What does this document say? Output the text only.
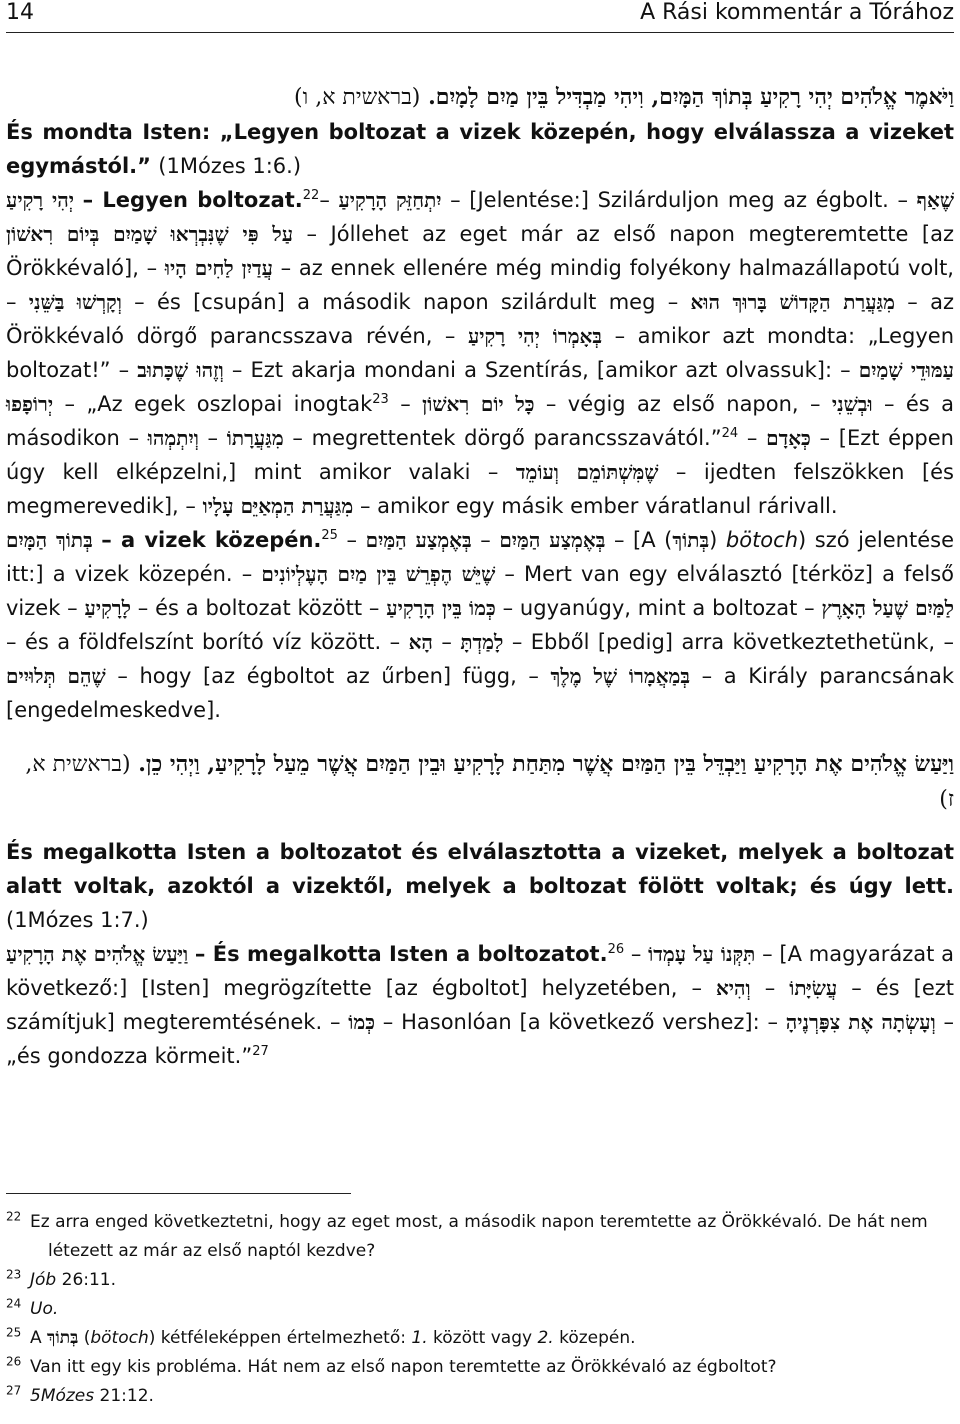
14	A Rási kommentár a Tórához

וַיֹּאמֶר אֱלֹהִים יְהִי רָקִיעַ בְּתוֹךְ הַמָּיִם, וִיהִי מַבְדִּיל בֵּין מַיִם לָמָיִם. (בראשית א, ו)

És mondta Isten: „Legyen boltozat a vizek közepén, hogy elválassza a vizeket egymástól.” (1Mózes 1:6.)

יְהִי רָקִיעַ – Legyen boltozat.$^{22}$– יִתְחַזֵּק הָרָקִיעַ – [Jelentése:] Szilárduljon meg az égbolt. – שֶׁאַף עַל פִּי שֶׁנִּבְרְאוּ שָׁמַיִם בְּיוֹם רִאשׁוֹן – Jóllehet az eget már az első napon megteremtette [az Örökkévaló], – עֲדַיִן לַחִים הָיוּ – az ennek ellenére még mindig folyékony halmazállapotú volt, – וְקָרְשׁוּ בַּשֵּׁנִי – és [csupán] a második napon szilárdult meg – מִגַּעֲרַת הַקָּדוֹשׁ בָּרוּךְ הוּא – az Örökkévaló dörgő parancsszava révén, – בְּאָמְרוֹ יְהִי רָקִיעַ – amikor azt mondta: „Legyen boltozat!” – וְזֶהוּ שֶׁכָּתוּב – Ezt akarja mondani a Szentírás, [amikor azt olvassuk]: – עַמּוּדֵי שָׁמַיִם יְרוֹפָפוּ – „Az egek oszlopai inogtak$^{23}$ – כָּל יוֹם רִאשׁוֹן – végig az első napon, – וּבְשֵׁנִי – és a másodikon – וְיִתְמְהוּ – מִגַּעֲרָתוֹ – megrettentek dörgő parancsszavától.”$^{24}$ – כְּאָדָם – [Ezt éppen úgy kell elképzelni,] mint amikor valaki – שֶׁמִּשְׁתּוֹמֵם וְעוֹמֵד – ijedten felszökken [és megmerevedik], – מִגַּעֲרַת הַמְאַיֵּם עָלָיו – amikor egy másik ember váratlanul rárivall.

בְּתוֹךְ הַמָּיִם – a vizek közepén.$^{25}$ – בְּאֶמְצַע הַמַּיִם – בְּאֶמְצַע הַמַּיִם – [A (בְּתוֹךְ) bötoch) szó jelentése itt:] a vizek közepén. – שֶׁיֵּשׁ הֶפְרֵשׁ בֵּין מַיִם הָעֶלְיוֹנִים – Mert van egy elválasztó [térköz] a felső vizek – לָרָקִיעַ – és a boltozat között – כְּמוֹ בֵּין הָרָקִיעַ – ugyanúgy, mint a boltozat – לַמַּיִם שֶׁעַל הָאָרֶץ – és a földfelszínt borító víz között. – הָא – לָמַדְתָּ – Ebből [pedig] arra következtethetünk, – שֶׁהֵם תְּלוּיִים – hogy [az égboltot az űrben] függ, – בְּמַאֲמָרוֹ שֶׁל מֶלֶךְ – a Király parancsának [engedelmeskedve].

וַיַּעַשׂ אֱלֹהִים אֶת הָרָקִיעַ וַיַּבְדֵּל בֵּין הַמַּיִם אֲשֶׁר מִתַּחַת לָרָקִיעַ וּבֵין הַמַּיִם אֲשֶׁר מֵעַל לָרָקִיעַ, וַיְהִי כֵן. (בראשית א, ז)

És megalkotta Isten a boltozatot és elválasztotta a vizeket, melyek a boltozat alatt voltak, azoktól a vizektől, melyek a boltozat fölött voltak; és úgy lett. (1Mózes 1:7.)

וַיַּעַשׂ אֱלֹהִים אֶת הָרָקִיעַ – És megalkotta Isten a boltozatot.$^{26}$ – תִּקְּנוֹ עַל עָמְדוֹ – [A magyarázat a következő:] [Isten] megrögzítette [az égboltot] helyzetében, – וְהִיא – עֲשִׂיָּתוֹ – és [ezt számítjuk] megteremtésének. – כְּמוֹ – Hasonlóan [a következő vershez]: – וְעָשְׂתָה אֶת צִפָּרְנֶיהָ – „és gondozza körmeit.”$^{27}$

$^{22}$ Ez arra enged következtetni, hogy az eget most, a második napon teremtette az Örökkévaló. De hát nem létezett az már az első naptól kezdve?

$^{23}$ Jób 26:11.

$^{24}$ Uo.

$^{25}$ A בְּתוֹךְ (bötoch) kétféleképpen értelmezhető: 1. között vagy 2. közepén.

$^{26}$ Van itt egy kis probléma. Hát nem az első napon teremtette az Örökkévaló az égboltot?

$^{27}$ 5Mózes 21:12.
